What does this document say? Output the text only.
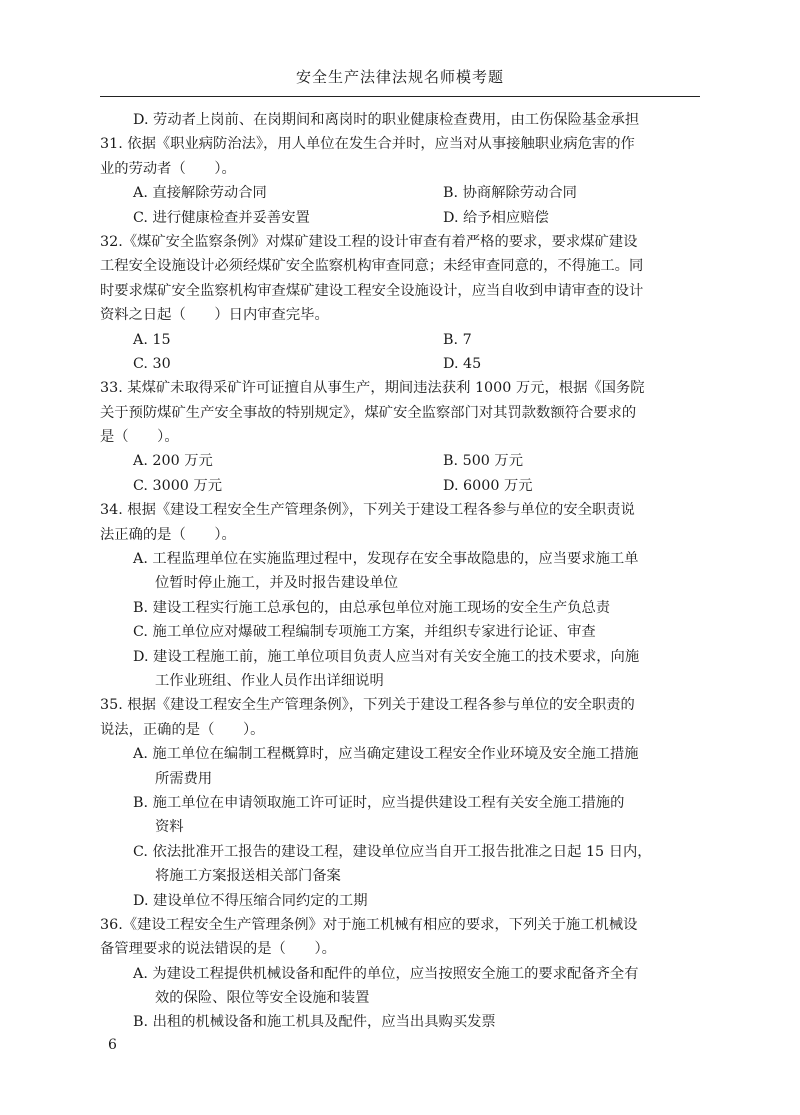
安全生产法律法规名师模考题
D. 劳动者上岗前、在岗期间和离岗时的职业健康检查费用，由工伤保险基金承担
31. 依据《职业病防治法》，用人单位在发生合并时，应当对从事接触职业病危害的作
业的劳动者（　　）。
A. 直接解除劳动合同	B. 协商解除劳动合同
C. 进行健康检查并妥善安置	D. 给予相应赔偿
32.《煤矿安全监察条例》对煤矿建设工程的设计审查有着严格的要求，要求煤矿建设
工程安全设施设计必须经煤矿安全监察机构审查同意；未经审查同意的，不得施工。同
时要求煤矿安全监察机构审查煤矿建设工程安全设施设计，应当自收到申请审查的设计
资料之日起（　　）日内审查完毕。
A. 15	B. 7
C. 30	D. 45
33. 某煤矿未取得采矿许可证擅自从事生产，期间违法获利 1000 万元，根据《国务院
关于预防煤矿生产安全事故的特别规定》，煤矿安全监察部门对其罚款数额符合要求的
是（　　）。
A. 200 万元	B. 500 万元
C. 3000 万元	D. 6000 万元
34. 根据《建设工程安全生产管理条例》，下列关于建设工程各参与单位的安全职责说
法正确的是（　　）。
A. 工程监理单位在实施监理过程中，发现存在安全事故隐患的，应当要求施工单
位暂时停止施工，并及时报告建设单位
B. 建设工程实行施工总承包的，由总承包单位对施工现场的安全生产负总责
C. 施工单位应对爆破工程编制专项施工方案，并组织专家进行论证、审查
D. 建设工程施工前，施工单位项目负责人应当对有关安全施工的技术要求，向施
工作业班组、作业人员作出详细说明
35. 根据《建设工程安全生产管理条例》，下列关于建设工程各参与单位的安全职责的
说法，正确的是（　　）。
A. 施工单位在编制工程概算时，应当确定建设工程安全作业环境及安全施工措施
所需费用
B. 施工单位在申请领取施工许可证时，应当提供建设工程有关安全施工措施的
资料
C. 依法批准开工报告的建设工程，建设单位应当自开工报告批准之日起 15 日内，
将施工方案报送相关部门备案
D. 建设单位不得压缩合同约定的工期
36.《建设工程安全生产管理条例》对于施工机械有相应的要求，下列关于施工机械设
备管理要求的说法错误的是（　　）。
A. 为建设工程提供机械设备和配件的单位，应当按照安全施工的要求配备齐全有
效的保险、限位等安全设施和装置
B. 出租的机械设备和施工机具及配件，应当出具购买发票
6
